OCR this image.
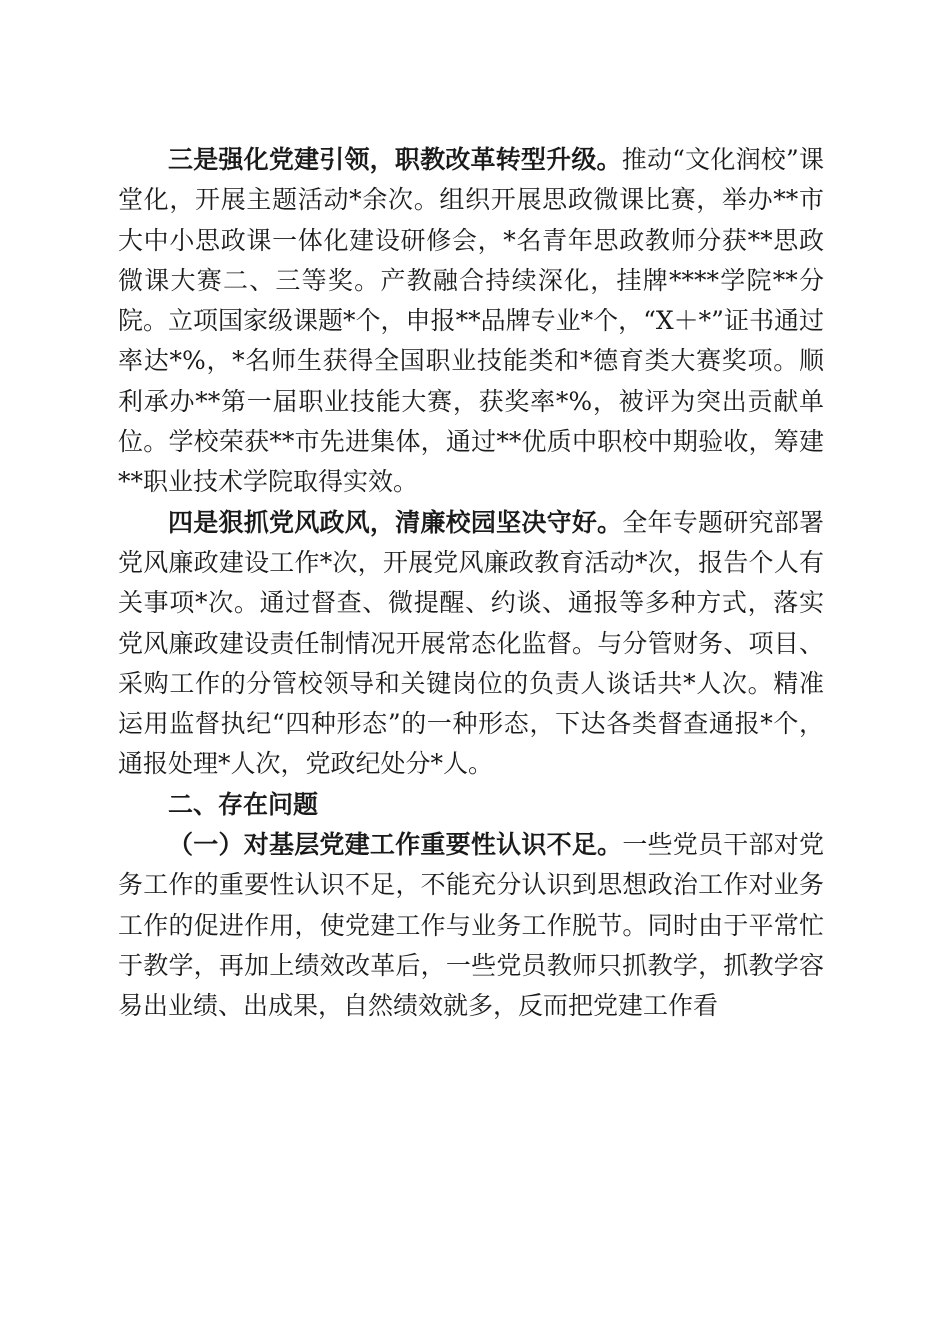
三是强化党建引领，职教改革转型升级。推动“文化润校”课堂化，开展主题活动*余次。组织开展思政微课比赛，举办**市大中小思政课一体化建设研修会，*名青年思政教师分获**思政微课大赛二、三等奖。产教融合持续深化，挂牌****学院**分院。立项国家级课题*个，申报**品牌专业*个，“X＋*”证书通过率达*%，*名师生获得全国职业技能类和*德育类大赛奖项。顺利承办**第一届职业技能大赛，获奖率*%，被评为突出贡献单位。学校荣获**市先进集体，通过**优质中职校中期验收，筹建**职业技术学院取得实效。

四是狠抓党风政风，清廉校园坚决守好。全年专题研究部署党风廉政建设工作*次，开展党风廉政教育活动*次，报告个人有关事项*次。通过督查、微提醒、约谈、通报等多种方式，落实党风廉政建设责任制情况开展常态化监督。与分管财务、项目、采购工作的分管校领导和关键岗位的负责人谈话共*人次。精准运用监督执纪“四种形态”的一种形态，下达各类督查通报*个，通报处理*人次，党政纪处分*人。

二、存在问题

（一）对基层党建工作重要性认识不足。一些党员干部对党务工作的重要性认识不足，不能充分认识到思想政治工作对业务工作的促进作用，使党建工作与业务工作脱节。同时由于平常忙于教学，再加上绩效改革后，一些党员教师只抓教学，抓教学容易出业绩、出成果，自然绩效就多，反而把党建工作看
